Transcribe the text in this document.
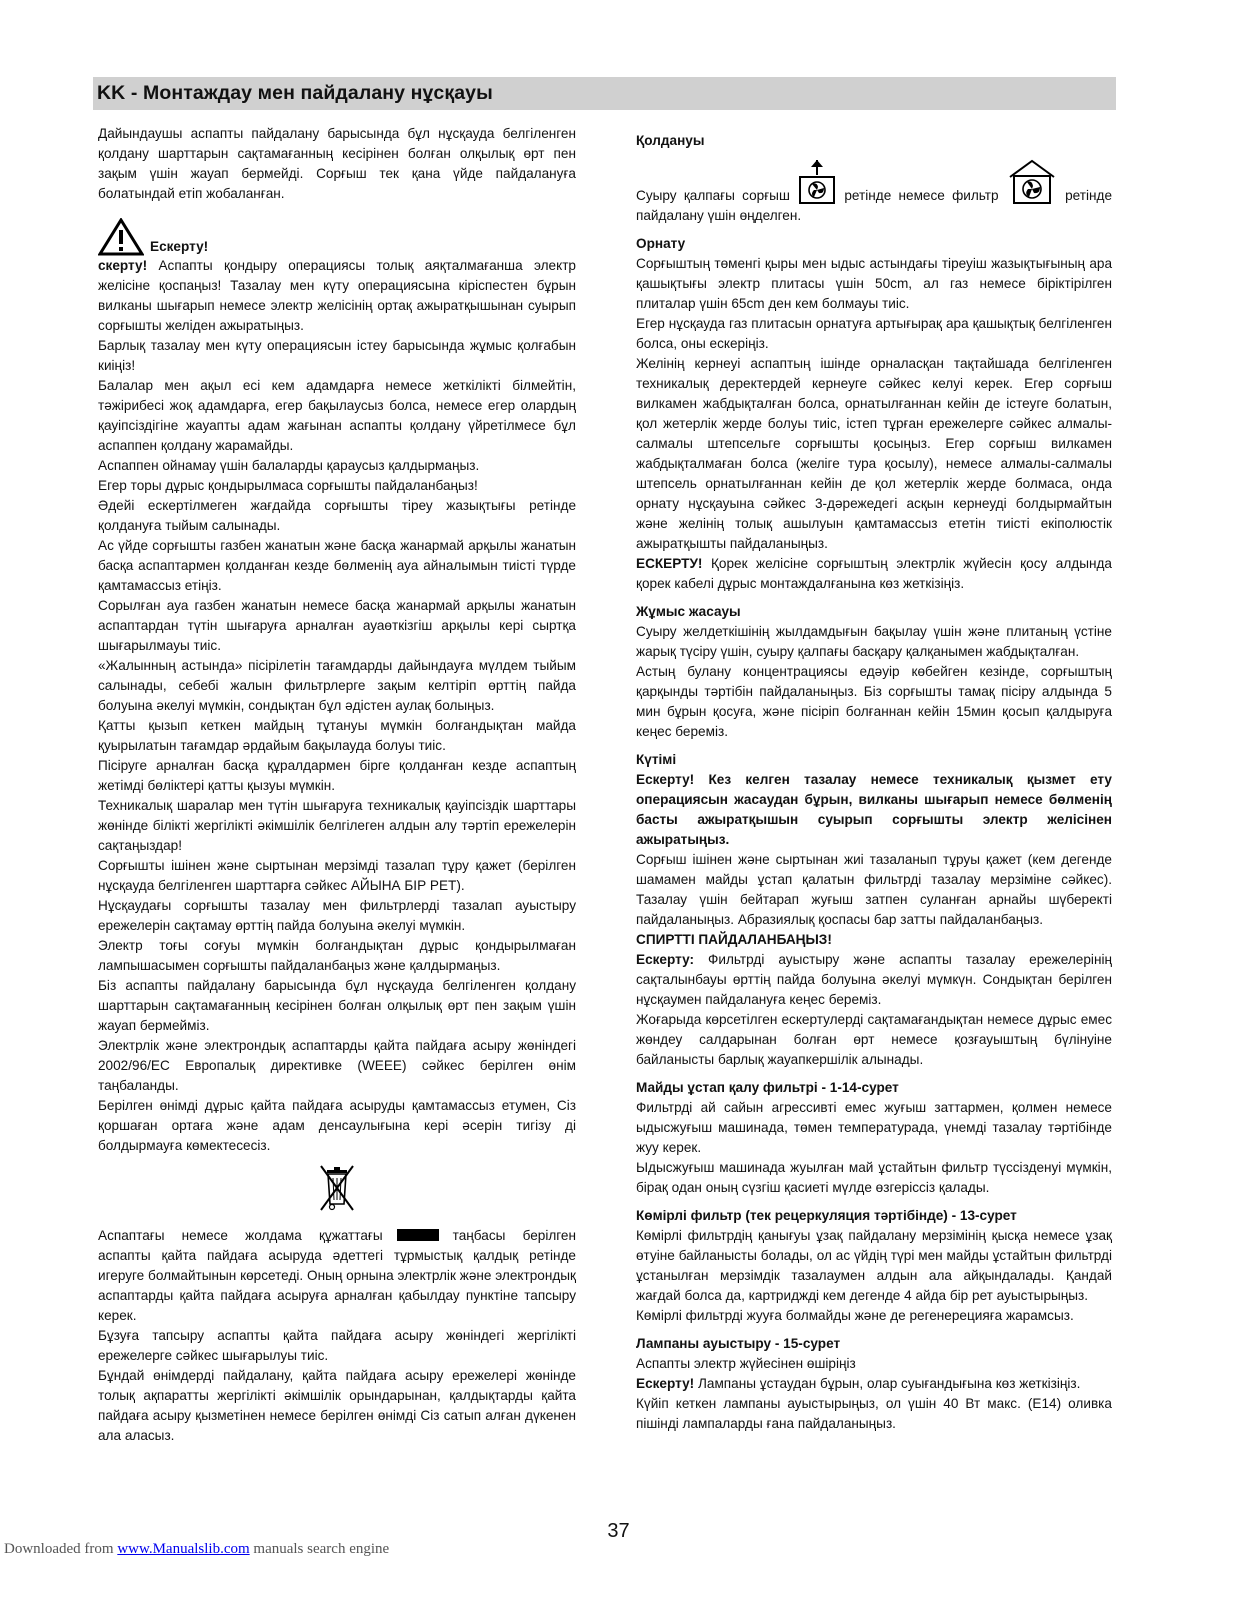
KK - Монтаждау мен пайдалану нұсқауы

Дайындаушы аспапты пайдалану барысында бұл нұсқауда белгіленген қолдану шарттарын сақтамағанның кесірінен болған олқылық өрт пен зақым үшін жауап бермейді. Сорғыш тек қана үйде пайдалануға болатындай етіп жобаланған.

Ескерту!

скерту! Аспапты қондыру операциясы толық аяқталмағанша электр желісіне қоспаңыз! Тазалау мен күту операциясына кіріспестен бұрын вилканы шығарып немесе электр желісінің ортақ ажыратқышынан суырып сорғышты желіден ажыратыңыз.

Барлық тазалау мен күту операциясын істеу барысында жұмыс қолғабын киіңіз!

Балалар мен ақыл есі кем адамдарға немесе жеткілікті білмейтін, тәжірибесі жоқ адамдарға, егер бақылаусыз болса, немесе егер олардың қауіпсіздігіне жауапты адам жағынан аспапты қолдану үйретілмесе бұл аспаппен қолдану жарамайды.

Аспаппен ойнамау үшін балаларды қараусыз қалдырмаңыз.

Егер торы дұрыс қондырылмаса сорғышты пайдаланбаңыз!

Әдейі ескертілмеген жағдайда сорғышты тіреу жазықтығы ретінде қолдануға тыйым салынады.

Ас үйде сорғышты газбен жанатын және басқа жанармай арқылы жанатын басқа аспаптармен қолданған кезде бөлменің ауа айналымын тиісті түрде қамтамассыз етіңіз.

Сорылған ауа газбен жанатын немесе басқа жанармай арқылы жанатын аспаптардан түтін шығаруға арналған ауаөткізгіш арқылы кері сыртқа шығарылмауы тиіс.

«Жалынның астында» пісірілетін тағамдарды дайындауға мүлдем тыйым салынады, себебі жалын фильтрлерге зақым келтіріп өрттің пайда болуына әкелуі мүмкін, сондықтан бұл әдістен аулақ болыңыз.

Қатты қызып кеткен майдың тұтануы мүмкін болғандықтан майда қуырылатын тағамдар әрдайым бақылауда болуы тиіс.

Пісіруге арналған басқа құралдармен бірге қолданған кезде аспаптың жетімді бөліктері қатты қызуы мүмкін.

Техникалық шаралар мен түтін шығаруға техникалық қауіпсіздік шарттары жөнінде білікті жергілікті әкімшілік белгілеген алдын алу тәртіп ережелерін сақтаңыздар!

Сорғышты ішінен және сыртынан мерзімді тазалап тұру қажет (берілген нұсқауда белгіленген шарттарға сәйкес АЙЫНА БІР РЕТ).

Нұсқаудағы сорғышты тазалау мен фильтрлерді тазалап ауыстыру ережелерін сақтамау өрттің пайда болуына әкелуі мүмкін.

Электр тоғы соғуы мүмкін болғандықтан дұрыс қондырылмаған лампышасымен сорғышты пайдаланбаңыз және қалдырмаңыз.

Біз аспапты пайдалану барысында бұл нұсқауда белгіленген қолдану шарттарын сақтамағанның кесірінен болған олқылық өрт пен зақым үшін жауап бермейміз.

Электрлік және электрондық аспаптарды қайта пайдаға асыру жөніндегі 2002/96/ЕС Европалық директивке (WEEE) сәйкес берілген өнім таңбаланды.

Берілген өнімді дұрыс қайта пайдаға асыруды қамтамассыз етумен, Сіз қоршаған ортаға және адам денсаулығына кері әсерін тигізу ді болдырмауға көмектесесіз.

Аспаптағы немесе жолдама құжаттағы	таңбасы берілген аспапты қайта пайдаға асыруда әдеттегі тұрмыстық қалдық ретінде игеруге болмайтынын көрсетеді. Оның орнына электрлік және электрондық аспаптарды қайта пайдаға асыруға арналған қабылдау пунктіне тапсыру керек.

Бұзуға тапсыру аспапты қайта пайдаға асыру жөніндегі жергілікті ережелерге сәйкес шығарылуы тиіс.

Бұндай өнімдерді пайдалану, қайта пайдаға асыру ережелері жөнінде толық ақпаратты жергілікті әкімшілік орындарынан, қалдықтарды қайта пайдаға асыру қызметінен немесе берілген өнімді Сіз сатып алған дүкенен ала аласыз.

Қолдануы

Суыру қалпағы сорғыш	ретінде немесе фильтр	ретінде пайдалану үшін өңделген.

Орнату

Сорғыштың төменгі қыры мен ыдыс астындағы тіреуіш жазықтығының ара қашықтығы электр плитасы үшін 50cm, ал газ немесе біріктірілген плиталар үшін 65cm ден кем болмауы тиіс.

Егер нұсқауда газ плитасын орнатуға артығырақ ара қашықтық белгіленген болса, оны ескеріңіз.

Желінің кернеуі аспаптың ішінде орналасқан тақтайшада белгіленген техникалық деректердей кернеуге сәйкес келуі керек. Егер сорғыш вилкамен жабдықталған болса, орнатылғаннан кейін де істеуге болатын, қол жетерлік жерде болуы тиіс, істеп тұрған ережелерге сәйкес алмалы-салмалы штепсельге сорғышты қосыңыз. Егер сорғыш вилкамен жабдықталмаған болса (желіге тура қосылу), немесе алмалы-салмалы штепсель орнатылғаннан кейін де қол жетерлік жерде болмаса, онда орнату нұсқауына сәйкес 3-дәрежедегі асқын кернеуді болдырмайтын және желінің толық ашылуын қамтамассыз ететін тиісті екіполюстік ажыратқышты пайдаланыңыз.

ЕСКЕРТУ! Қорек желісіне сорғыштың электрлік жүйесін қосу алдында қорек кабелі дұрыс монтаждалғанына көз жеткізіңіз.

Жұмыс жасауы

Суыру желдеткішінің жылдамдығын бақылау үшін және плитаның үстіне жарық түсіру үшін, суыру қалпағы басқару қалқанымен жабдықталған.

Астың булану концентрациясы едәуір көбейген кезінде, сорғыштың қарқынды тәртібін пайдаланыңыз. Біз сорғышты тамақ пісіру алдында 5 мин бұрын қосуға, және пісіріп болғаннан кейін 15мин қосып қалдыруға кеңес береміз.

Күтімі

Ескерту! Кез келген тазалау немесе техникалық қызмет ету операциясын жасаудан бұрын, вилканы шығарып немесе бөлменің басты ажыратқышын суырып сорғышты электр желісінен ажыратыңыз.

Сорғыш ішінен және сыртынан жиі тазаланып тұруы қажет (кем дегенде шамамен майды ұстап қалатын фильтрді тазалау мерзіміне сәйкес). Тазалау үшін бейтарап жуғыш затпен суланған арнайы шүберекті пайдаланыңыз. Абразиялық қоспасы бар затты пайдаланбаңыз.

СПИРТТІ ПАЙДАЛАНБАҢЫЗ!

Ескерту: Фильтрді ауыстыру және аспапты тазалау ережелерінің сақталынбауы өрттің пайда болуына әкелуі мүмкүн. Сондықтан берілген нұсқаумен пайдалануға кеңес береміз.

Жоғарыда көрсетілген ескертулерді сақтамағандықтан немесе дұрыс емес жөндеу салдарынан болған өрт немесе қозғауыштың бүлінуіне байланысты барлық жауапкершілік алынады.

Майды ұстап қалу фильтрі - 1-14-сурет

Фильтрді ай сайын агрессивті емес жуғыш заттармен, қолмен немесе ыдысжуғыш машинада, төмен температурада, үнемді тазалау тәртібінде жуу керек.

Ыдысжуғыш машинада жуылған май ұстайтын фильтр түссізденуі мүмкін, бірақ одан оның сүзгіш қасиеті мүлде өзгеріссіз қалады.

Көмірлі фильтр (тек рецеркуляция тәртібінде) - 13-сурет

Көмірлі фильтрдің қанығуы ұзақ пайдалану мерзімінің қысқа немесе ұзақ өтуіне байланысты болады, ол ас үйдің түрі мен майды ұстайтын фильтрді ұстанылған мерзімдік тазалаумен алдын ала айқындалады. Қандай жағдай болса да, картриджді кем дегенде 4 айда бір рет ауыстырыңыз.

Көмірлі фильтрді жууға болмайды және де регенерецияға жарамсыз.

Лампаны ауыстыру - 15-сурет

Аспапты электр жүйесінен өшіріңіз

Ескерту! Лампаны ұстаудан бұрын, олар суығандығына көз жеткізіңіз.

Күйіп кеткен лампаны ауыстырыңыз, ол үшін 40 Вт макс. (E14) оливка пішінді лампаларды ғана пайдаланыңыз.

37
Downloaded from www.Manualslib.com manuals search engine
